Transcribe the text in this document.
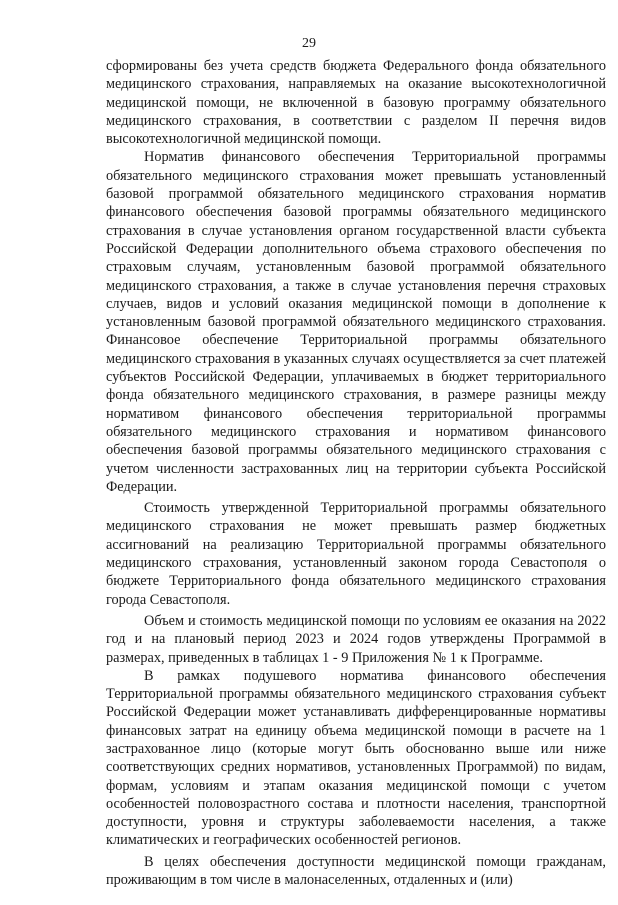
29

сформированы без учета средств бюджета Федерального фонда обязательного медицинского страхования, направляемых на оказание высокотехнологичной медицинской помощи, не включенной в базовую программу обязательного медицинского страхования, в соответствии с разделом II перечня видов высокотехнологичной медицинской помощи.

Норматив финансового обеспечения Территориальной программы обязательного медицинского страхования может превышать установленный базовой программой обязательного медицинского страхования норматив финансового обеспечения базовой программы обязательного медицинского страхования в случае установления органом государственной власти субъекта Российской Федерации дополнительного объема страхового обеспечения по страховым случаям, установленным базовой программой обязательного медицинского страхования, а также в случае установления перечня страховых случаев, видов и условий оказания медицинской помощи в дополнение к установленным базовой программой обязательного медицинского страхования. Финансовое обеспечение Территориальной программы обязательного медицинского страхования в указанных случаях осуществляется за счет платежей субъектов Российской Федерации, уплачиваемых в бюджет территориального фонда обязательного медицинского страхования, в размере разницы между нормативом финансового обеспечения территориальной программы обязательного медицинского страхования и нормативом финансового обеспечения базовой программы обязательного медицинского страхования с учетом численности застрахованных лиц на территории субъекта Российской Федерации.

Стоимость утвержденной Территориальной программы обязательного медицинского страхования не может превышать размер бюджетных ассигнований на реализацию Территориальной программы обязательного медицинского страхования, установленный законом города Севастополя о бюджете Территориального фонда обязательного медицинского страхования города Севастополя.

Объем и стоимость медицинской помощи по условиям ее оказания на 2022 год и на плановый период 2023 и 2024 годов утверждены Программой в размерах, приведенных в таблицах 1 - 9 Приложения № 1 к Программе.

В рамках подушевого норматива финансового обеспечения Территориальной программы обязательного медицинского страхования субъект Российской Федерации может устанавливать дифференцированные нормативы финансовых затрат на единицу объема медицинской помощи в расчете на 1 застрахованное лицо (которые могут быть обоснованно выше или ниже соответствующих средних нормативов, установленных Программой) по видам, формам, условиям и этапам оказания медицинской помощи с учетом особенностей половозрастного состава и плотности населения, транспортной доступности, уровня и структуры заболеваемости населения, а также климатических и географических особенностей регионов.

В целях обеспечения доступности медицинской помощи гражданам, проживающим в том числе в малонаселенных, отдаленных и (или)
